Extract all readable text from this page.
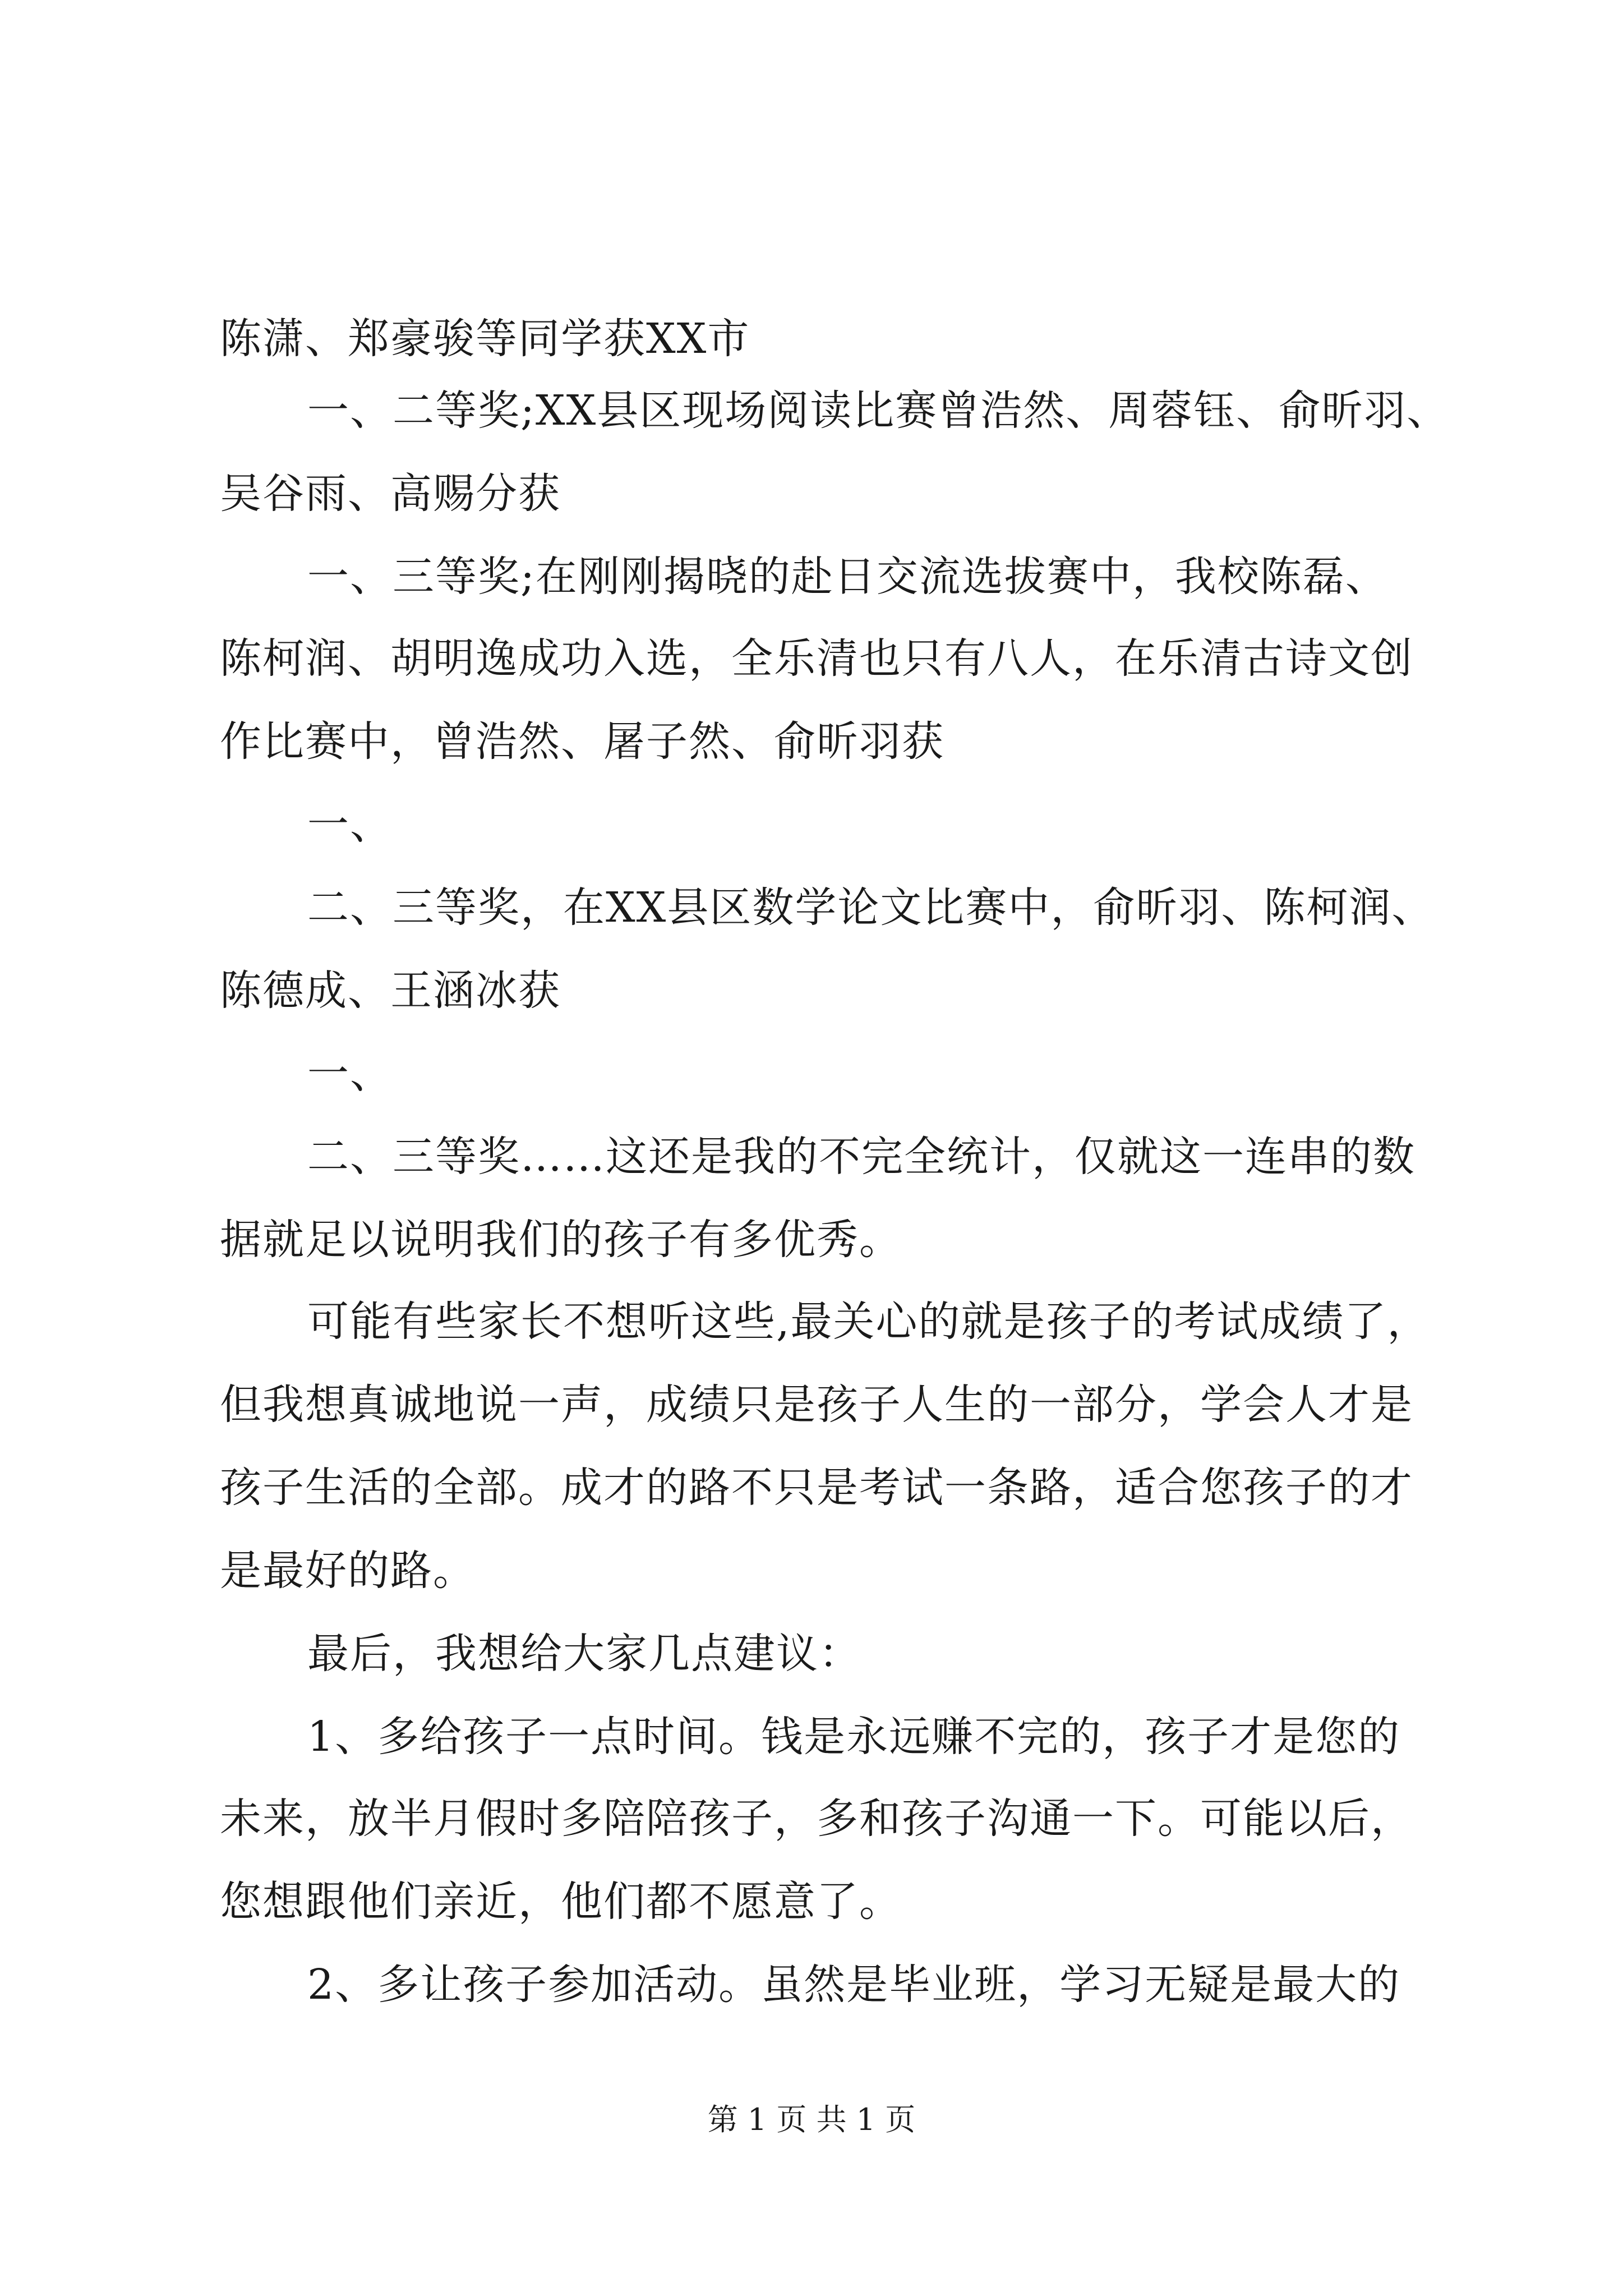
陈潇、郑豪骏等同学获XX市
一、二等奖;XX县区现场阅读比赛曾浩然、周蓉钰、俞昕羽、
吴谷雨、高赐分获
一、三等奖;在刚刚揭晓的赴日交流选拔赛中，我校陈磊、
陈柯润、胡明逸成功入选，全乐清也只有八人，在乐清古诗文创
作比赛中，曾浩然、屠子然、俞昕羽获
一、
二、三等奖，在XX县区数学论文比赛中，俞昕羽、陈柯润、
陈德成、王涵冰获
一、
二、三等奖……这还是我的不完全统计，仅就这一连串的数
据就足以说明我们的孩子有多优秀。
可能有些家长不想听这些,最关心的就是孩子的考试成绩了，
但我想真诚地说一声，成绩只是孩子人生的一部分，学会人才是
孩子生活的全部。成才的路不只是考试一条路，适合您孩子的才
是最好的路。
最后，我想给大家几点建议：
1、多给孩子一点时间。钱是永远赚不完的，孩子才是您的
未来，放半月假时多陪陪孩子，多和孩子沟通一下。可能以后，
您想跟他们亲近，他们都不愿意了。
2、多让孩子参加活动。虽然是毕业班，学习无疑是最大的
第 1 页 共 1 页
